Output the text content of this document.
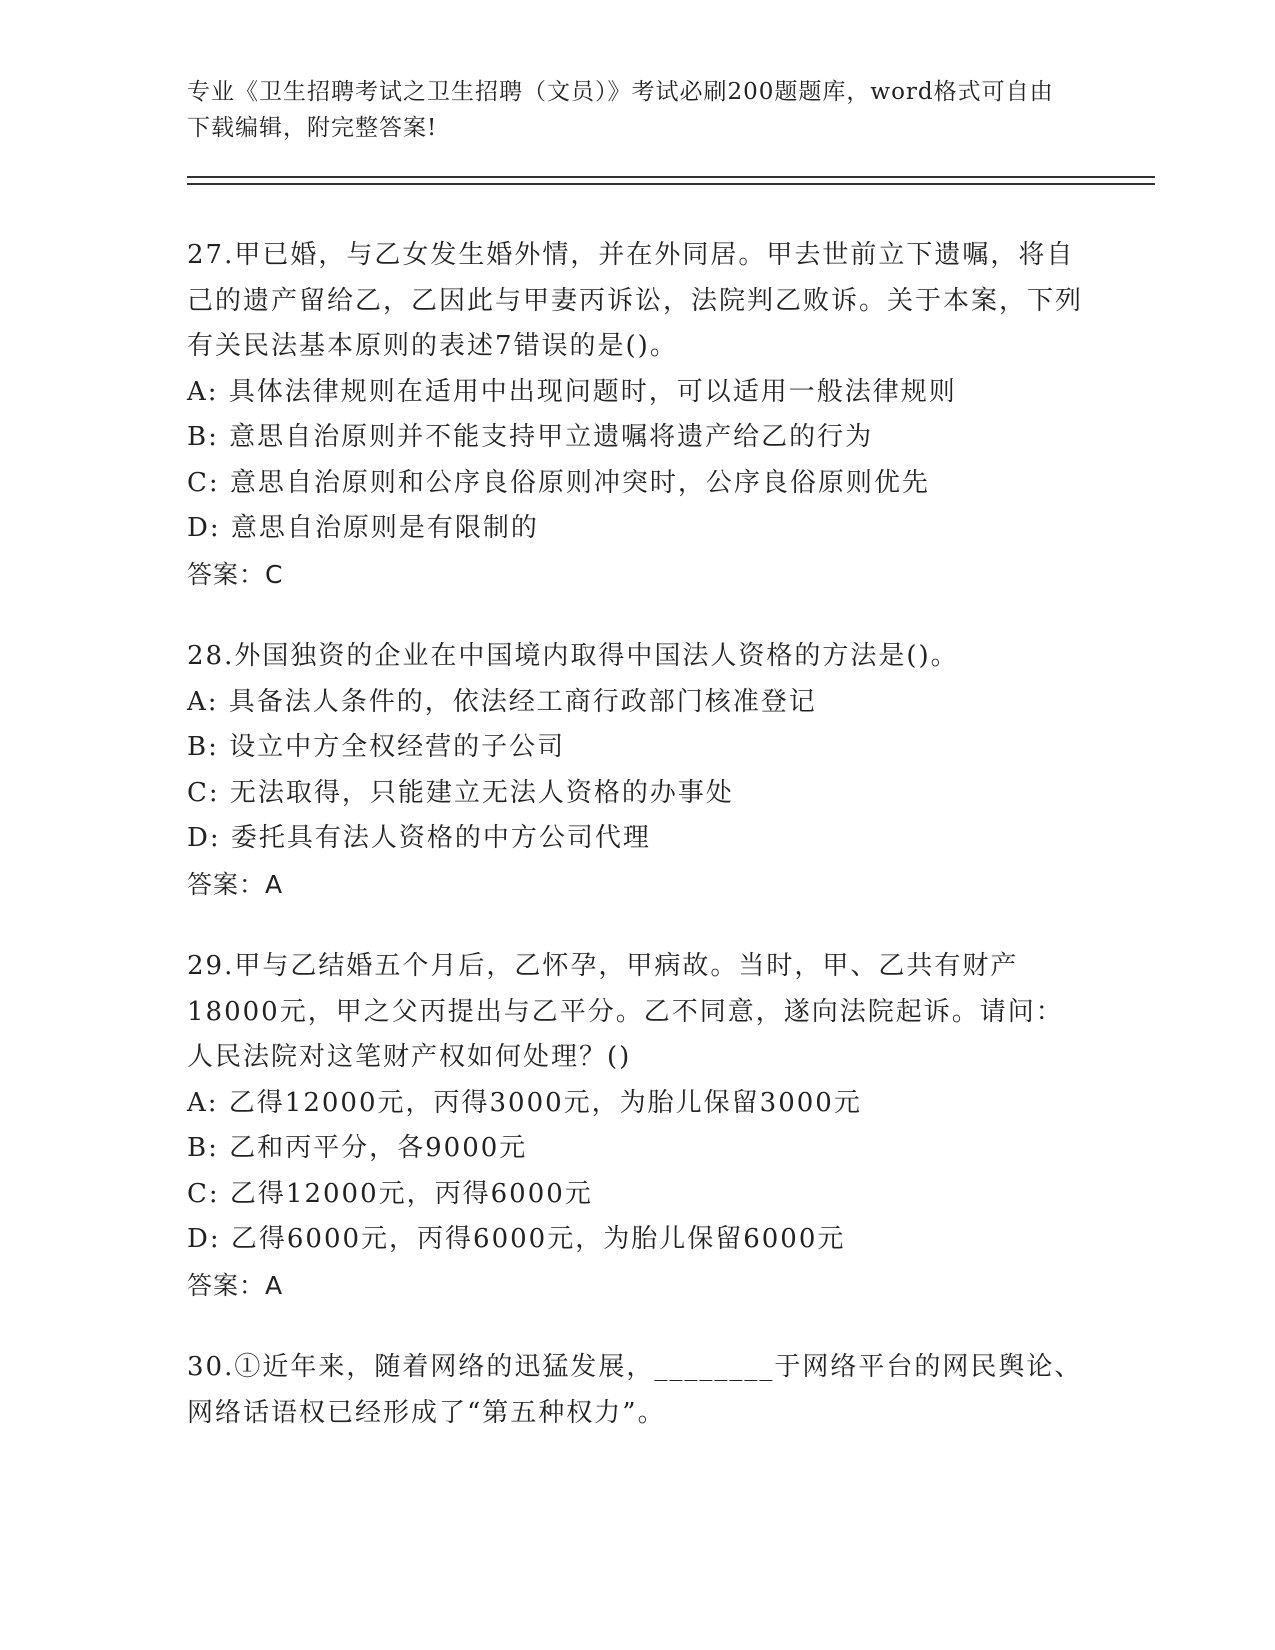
专业《卫生招聘考试之卫生招聘（文员）》考试必刷200题题库，word格式可自由下载编辑，附完整答案!
27.甲已婚，与乙女发生婚外情，并在外同居。甲去世前立下遗嘱，将自己的遗产留给乙，乙因此与甲妻丙诉讼，法院判乙败诉。关于本案，下列有关民法基本原则的表述7错误的是()。
A: 具体法律规则在适用中出现问题时，可以适用一般法律规则
B: 意思自治原则并不能支持甲立遗嘱将遗产给乙的行为
C: 意思自治原则和公序良俗原则冲突时，公序良俗原则优先
D: 意思自治原则是有限制的
答案：C
28.外国独资的企业在中国境内取得中国法人资格的方法是()。
A: 具备法人条件的，依法经工商行政部门核准登记
B: 设立中方全权经营的子公司
C: 无法取得，只能建立无法人资格的办事处
D: 委托具有法人资格的中方公司代理
答案：A
29.甲与乙结婚五个月后，乙怀孕，甲病故。当时，甲、乙共有财产18000元，甲之父丙提出与乙平分。乙不同意，遂向法院起诉。请问：人民法院对这笔财产权如何处理？()
A: 乙得12000元，丙得3000元，为胎儿保留3000元
B: 乙和丙平分，各9000元
C: 乙得12000元，丙得6000元
D: 乙得6000元，丙得6000元，为胎儿保留6000元
答案：A
30.①近年来，随着网络的迅猛发展，________于网络平台的网民舆论、网络话语权已经形成了“第五种权力”。
